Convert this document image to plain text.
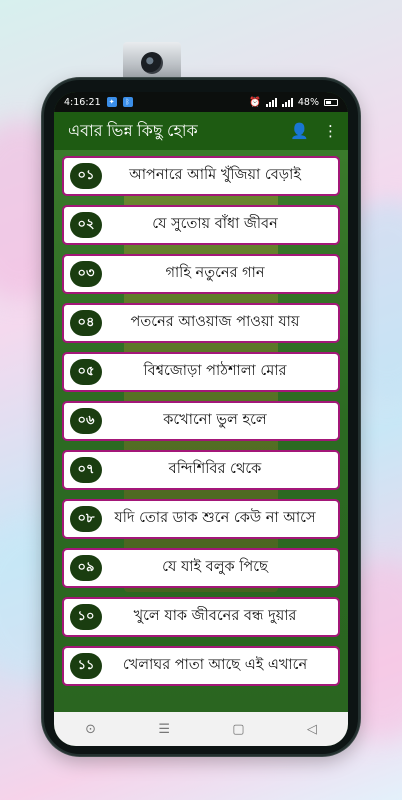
4:16:21 ✦	ᛒ	⏰	48%
এবার ভিন্ন কিছু হোক	👤 ⋮
০১	আপনারে আমি খুঁজিয়া বেড়াই
০২	যে সুতোয় বাঁধা জীবন
০৩	গাহি নতুনের গান
০৪	পতনের আওয়াজ পাওয়া যায়
০৫	বিশ্বজোড়া পাঠশালা মোর
০৬	কখোনো ভুল হলে
০৭	বন্দিশিবির থেকে
০৮	যদি তোর ডাক শুনে কেউ না আসে
০৯	যে যাই বলুক পিছে
১০	খুলে যাক জীবনের বন্ধ দুয়ার
১১	খেলাঘর পাতা আছে এই এখানে
⊙	☰	▢	◁
